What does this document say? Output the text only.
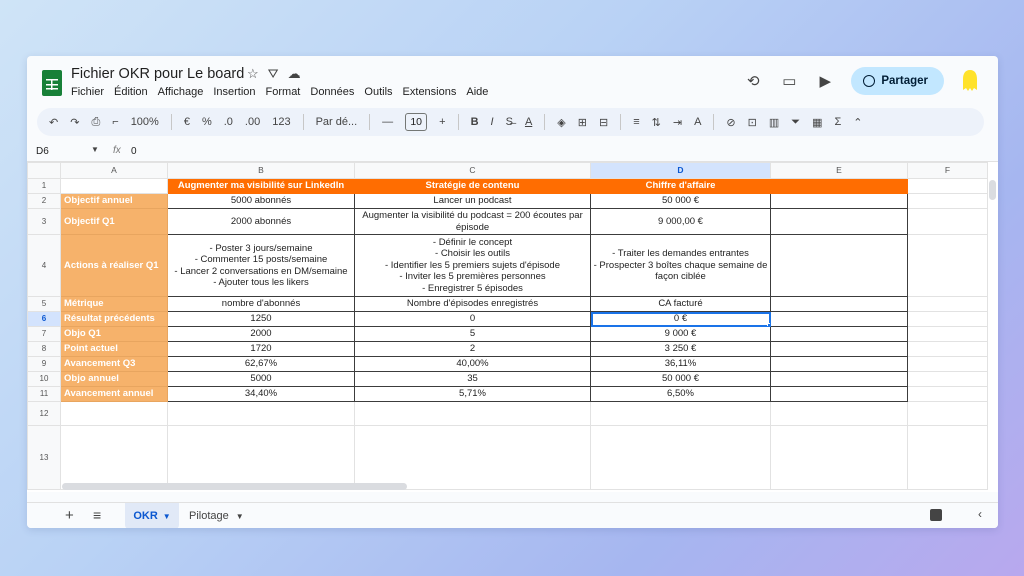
Fichier OKR pour Le board ☆ ⛛ ☁
Fichier Édition Affichage Insertion Format Données Outils Extensions Aide
⟲ ▭ ▶	Partager
↶ ↷ ⎙ ⌐ 100% € % .0 .00 123 Par dé... —	10	+ B I S̶ A ◈ ⊞ ⊟ ≡ ⇅ ⇥ A ⊘ ⊡ ▥ ⏷ ▦ Σ ⌃
D6	▼ fx 0
	A	B	C	D	E	F
1		Augmenter ma visibilité sur LinkedIn	Stratégie de contenu	Chiffre d'affaire		
2	Objectif annuel	5000 abonnés	Lancer un podcast	50 000 €		
3	Objectif Q1	2000 abonnés	Augmenter la visibilité du podcast = 200 écoutes par épisode	9 000,00 €		
4	Actions à réaliser Q1	- Poster 3 jours/semaine
- Commenter 15 posts/semaine
- Lancer 2 conversations en DM/semaine
- Ajouter tous les likers	- Définir le concept
- Choisir les outils
- Identifier les 5 premiers sujets d'épisode
- Inviter les 5 premières personnes
- Enregistrer 5 épisodes	- Traiter les demandes entrantes
- Prospecter 3 boîtes chaque semaine de façon ciblée		
5	Métrique	nombre d'abonnés	Nombre d'épisodes enregistrés	CA facturé		
6	Résultat précédents	1250	0	0 €

7	Objo Q1	2000	5	9 000 €		
8	Point actuel	1720	2	3 250 €		
9	Avancement Q3	62,67%	40,00%	36,11%		
10	Objo annuel	5000	35	50 000 €		
11	Avancement annuel	34,40%	5,71%	6,50%		
12						
13						
+ ≡	OKR ▼ Pilotage ▼	‹
